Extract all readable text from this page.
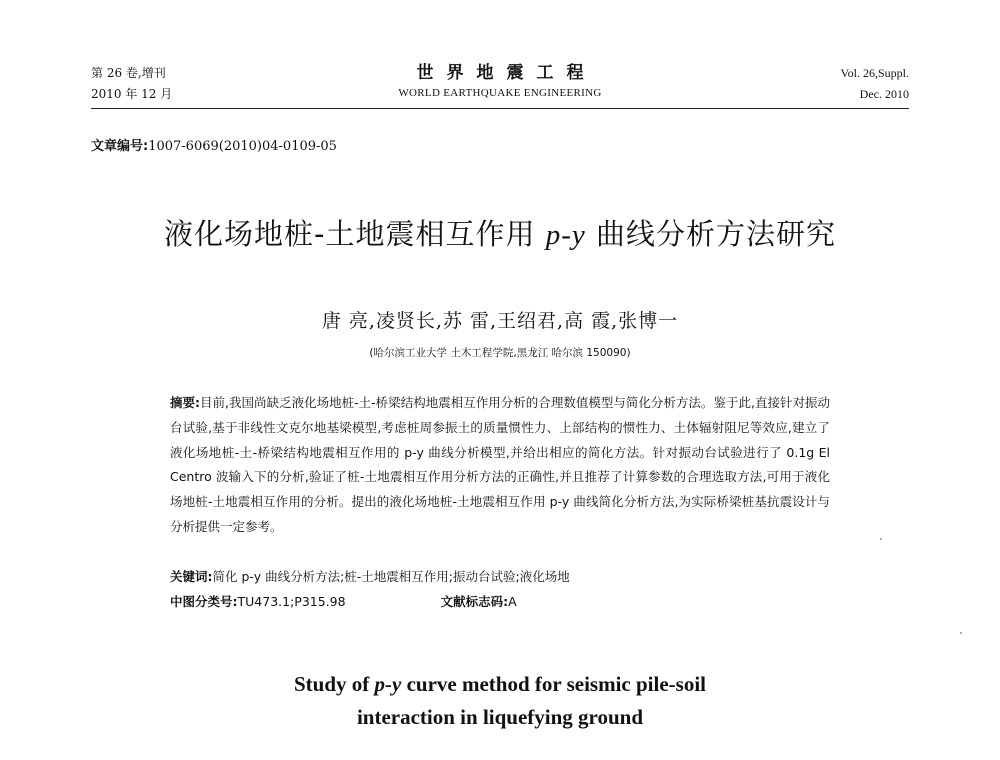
第 26 卷,增刊
2010 年 12 月
世界地震工程
WORLD EARTHQUAKE ENGINEERING
Vol. 26,Suppl.
Dec. 2010
文章编号:1007-6069(2010)04-0109-05
液化场地桩-土地震相互作用 p-y 曲线分析方法研究
唐 亮,凌贤长,苏 雷,王绍君,高 霞,张博一
(哈尔滨工业大学 土木工程学院,黑龙江 哈尔滨 150090)
摘要:目前,我国尚缺乏液化场地桩-土-桥梁结构地震相互作用分析的合理数值模型与简化分析方法。鉴于此,直接针对振动台试验,基于非线性文克尔地基梁模型,考虑桩周参振土的质量惯性力、上部结构的惯性力、土体辐射阻尼等效应,建立了液化场地桩-土-桥梁结构地震相互作用的 p-y 曲线分析模型,并给出相应的简化方法。针对振动台试验进行了 0.1g El Centro 波输入下的分析,验证了桩-土地震相互作用分析方法的正确性,并且推荐了计算参数的合理选取方法,可用于液化场地桩-土地震相互作用的分析。提出的液化场地桩-土地震相互作用 p-y 曲线简化分析方法,为实际桥梁桩基抗震设计与分析提供一定参考。
关键词:简化 p-y 曲线分析方法;桩-土地震相互作用;振动台试验;液化场地
中图分类号:TU473.1;P315.98	文献标志码:A
Study of p-y curve method for seismic pile-soil
interaction in liquefying ground
